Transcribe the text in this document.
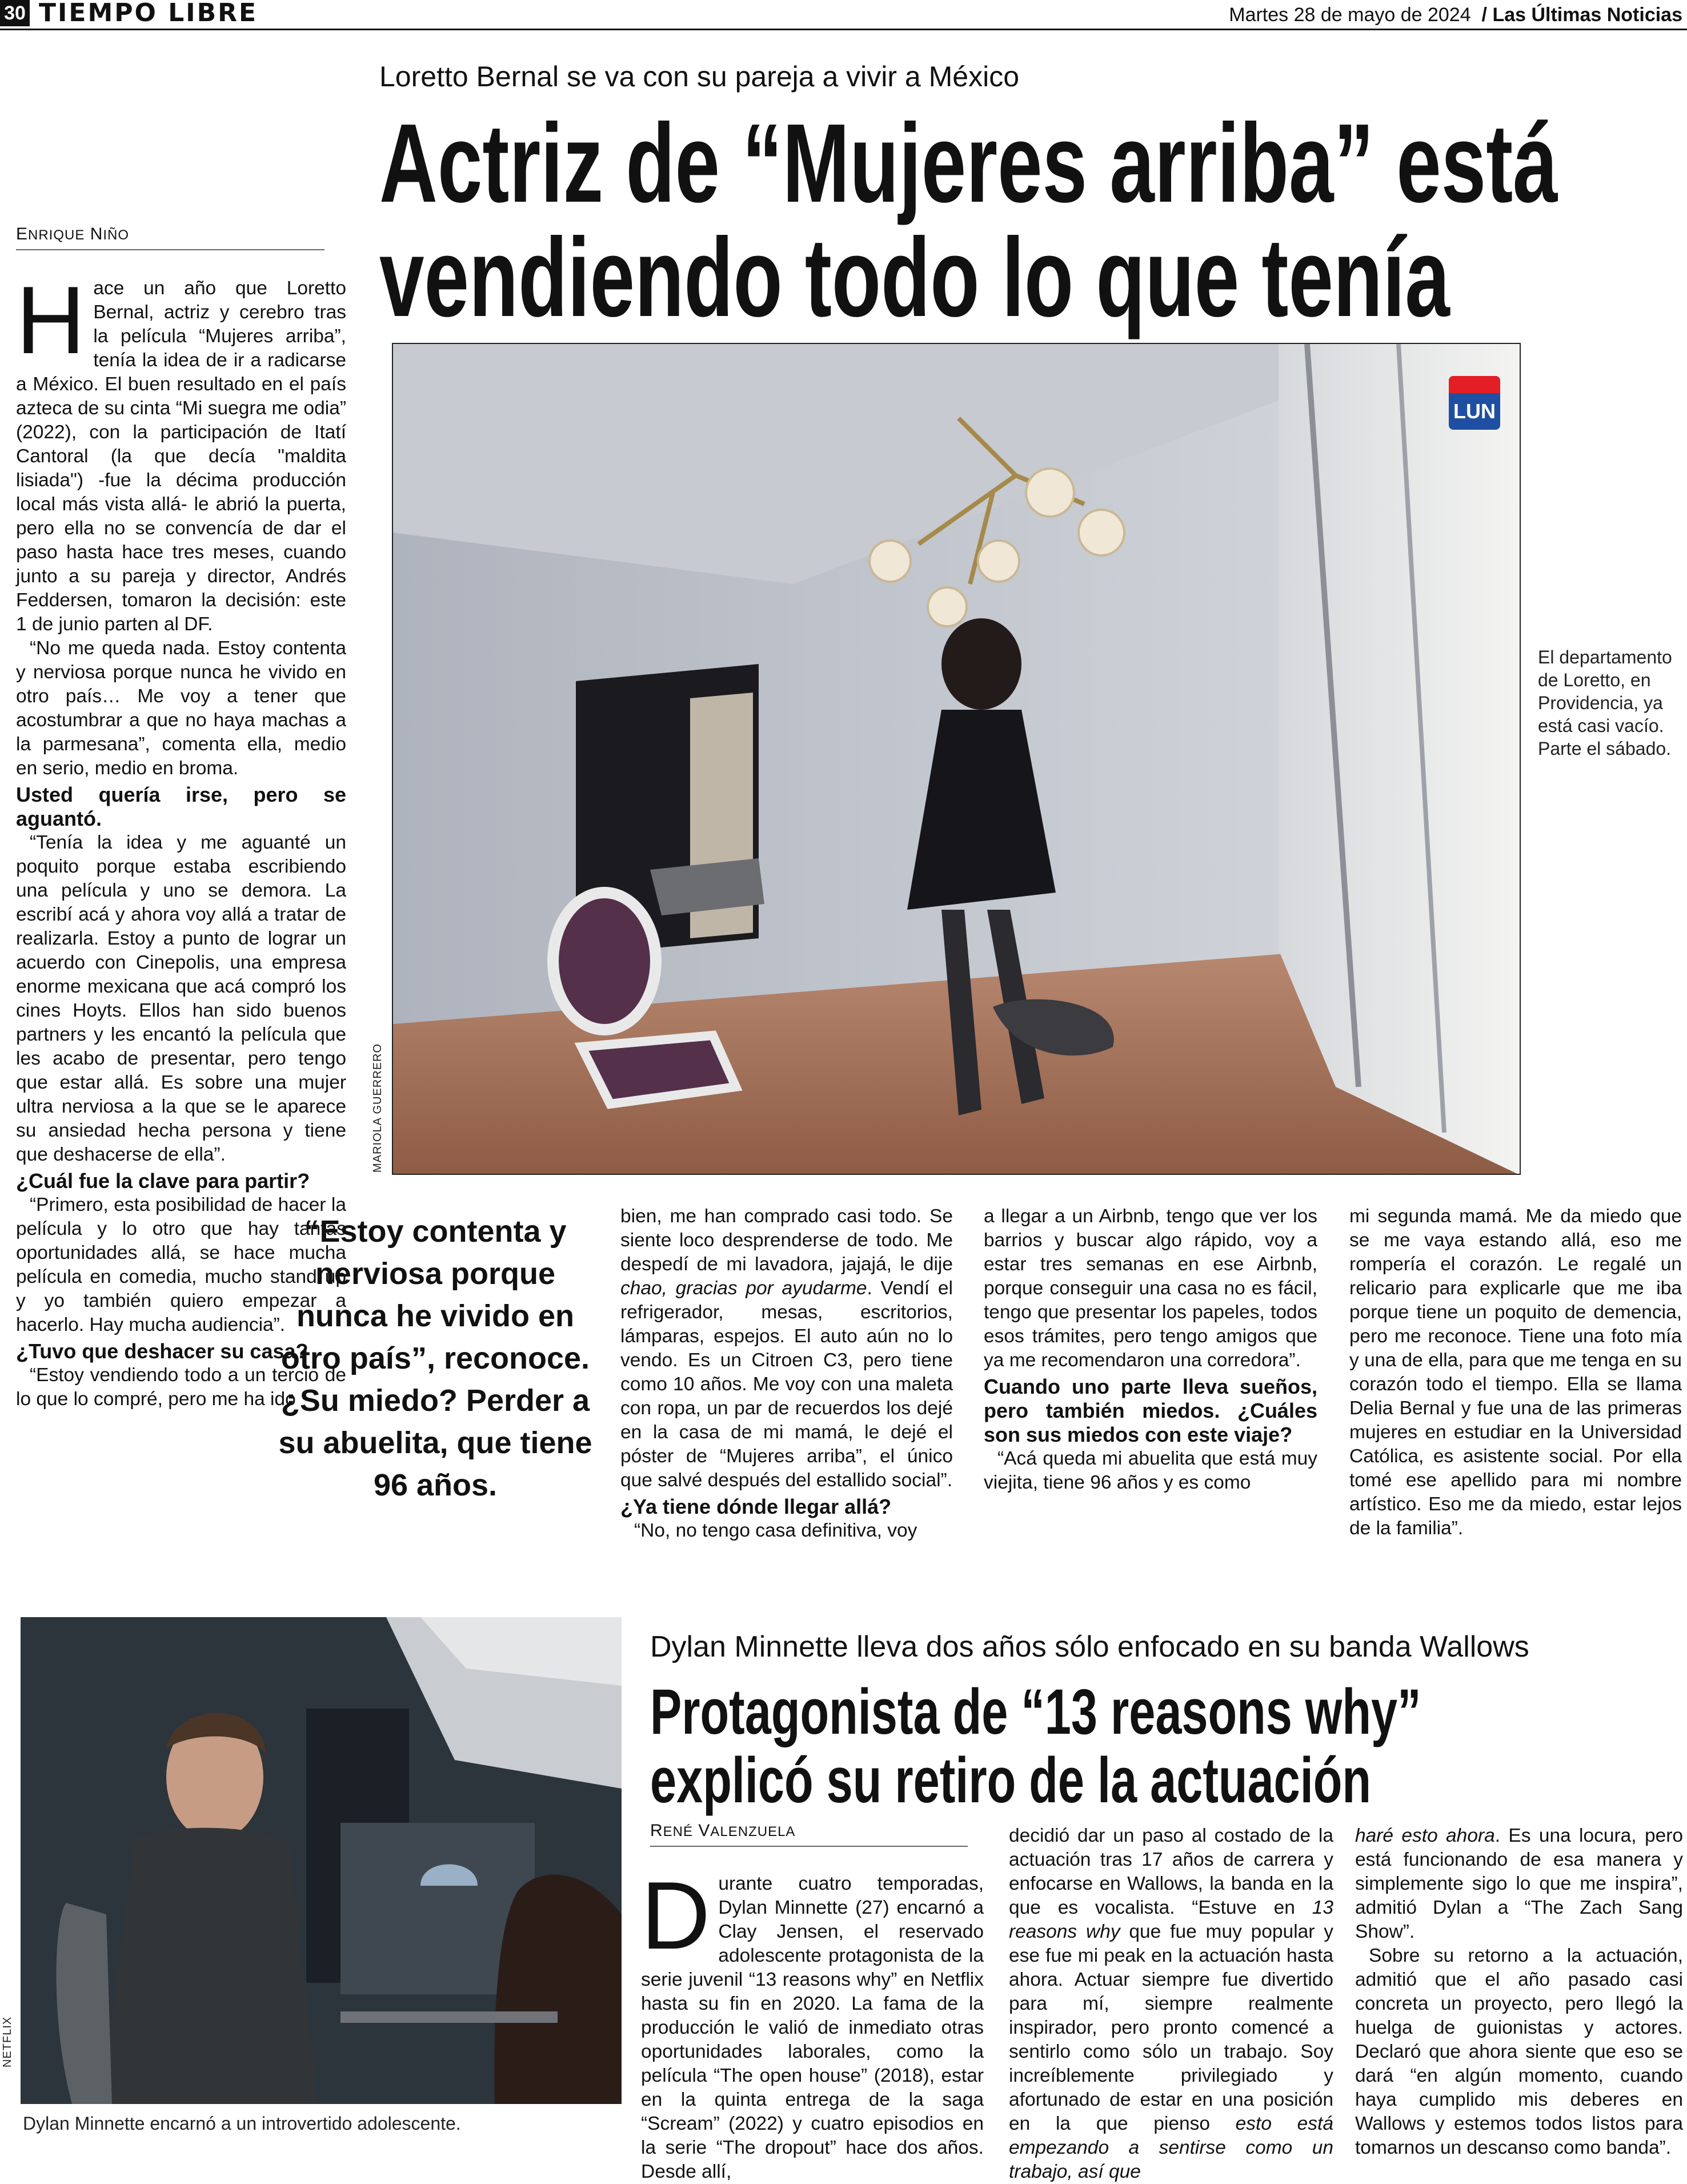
30 TIEMPO LIBRE	Martes 28 de mayo de 2024 / Las Últimas Noticias
Loretto Bernal se va con su pareja a vivir a México
Actriz de “Mujeres arriba” está
vendiendo todo lo que tenía
ENRIQUE NIÑO

Hace un año que Loretto Bernal, actriz y cerebro tras la película “Mujeres arriba”, tenía la idea de ir a radicarse a México. El buen resultado en el país azteca de su cinta “Mi suegra me odia” (2022), con la participación de Itatí Cantoral (la que decía "maldita lisiada") -fue la décima producción local más vista allá- le abrió la puerta, pero ella no se convencía de dar el paso hasta hace tres meses, cuando junto a su pareja y director, Andrés Feddersen, tomaron la decisión: este 1 de junio parten al DF.

“No me queda nada. Estoy contenta y nerviosa porque nunca he vivido en otro país… Me voy a tener que acostumbrar a que no haya machas a la parmesana”, comenta ella, medio en serio, medio en broma.

Usted quería irse, pero se aguantó.

“Tenía la idea y me aguanté un poquito porque estaba escribiendo una película y uno se demora. La escribí acá y ahora voy allá a tratar de realizarla. Estoy a punto de lograr un acuerdo con Cinepolis, una empresa enorme mexicana que acá compró los cines Hoyts. Ellos han sido buenos partners y les encantó la película que les acabo de presentar, pero tengo que estar allá. Es sobre una mujer ultra nerviosa a la que se le aparece su ansiedad hecha persona y tiene que deshacerse de ella”.

¿Cuál fue la clave para partir?

“Primero, esta posibilidad de hacer la película y lo otro que hay tantas oportunidades allá, se hace mucha película en comedia, mucho stand up y yo también quiero empezar a hacerlo. Hay mucha audiencia”.

¿Tuvo que deshacer su casa?

“Estoy vendiendo todo a un tercio de lo que lo compré, pero me ha ido

LUN
MARIOLA GUERRERO
El departamento de Loretto, en Providencia, ya está casi vacío. Parte el sábado.
“Estoy contenta y nerviosa porque nunca he vivido en otro país”, reconoce. ¿Su miedo? Perder a su abuelita, que tiene 96 años.

bien, me han comprado casi todo. Se siente loco desprenderse de todo. Me despedí de mi lavadora, jajajá, le dije chao, gracias por ayudarme. Vendí el refrigerador, mesas, escritorios, lámparas, espejos. El auto aún no lo vendo. Es un Citroen C3, pero tiene como 10 años. Me voy con una maleta con ropa, un par de recuerdos los dejé en la casa de mi mamá, le dejé el póster de “Mujeres arriba”, el único que salvé después del estallido social”.

¿Ya tiene dónde llegar allá?

“No, no tengo casa definitiva, voy

a llegar a un Airbnb, tengo que ver los barrios y buscar algo rápido, voy a estar tres semanas en ese Airbnb, porque conseguir una casa no es fácil, tengo que presentar los papeles, todos esos trámites, pero tengo amigos que ya me recomendaron una corredora”.

Cuando uno parte lleva sueños, pero también miedos. ¿Cuáles son sus miedos con este viaje?

“Acá queda mi abuelita que está muy viejita, tiene 96 años y es como

mi segunda mamá. Me da miedo que se me vaya estando allá, eso me rompería el corazón. Le regalé un relicario para explicarle que me iba porque tiene un poquito de demencia, pero me reconoce. Tiene una foto mía y una de ella, para que me tenga en su corazón todo el tiempo. Ella se llama Delia Bernal y fue una de las primeras mujeres en estudiar en la Universidad Católica, es asistente social. Por ella tomé ese apellido para mi nombre artístico. Eso me da miedo, estar lejos de la familia”.

NETFLIX
Dylan Minnette encarnó a un introvertido adolescente.
Dylan Minnette lleva dos años sólo enfocado en su banda Wallows
Protagonista de “13 reasons why”
explicó su retiro de la actuación
RENÉ VALENZUELA

Durante cuatro temporadas, Dylan Minnette (27) encarnó a Clay Jensen, el reservado adolescente protagonista de la serie juvenil “13 reasons why” en Netflix hasta su fin en 2020. La fama de la producción le valió de inmediato otras oportunidades laborales, como la película “The open house” (2018), estar en la quinta entrega de la saga “Scream” (2022) y cuatro episodios en la serie “The dropout” hace dos años. Desde allí,

decidió dar un paso al costado de la actuación tras 17 años de carrera y enfocarse en Wallows, la banda en la que es vocalista. “Estuve en 13 reasons why que fue muy popular y ese fue mi peak en la actuación hasta ahora. Actuar siempre fue divertido para mí, siempre realmente inspirador, pero pronto comencé a sentirlo como sólo un trabajo. Soy increíblemente privilegiado y afortunado de estar en una posición en la que pienso esto está empezando a sentirse como un trabajo, así que

haré esto ahora. Es una locura, pero está funcionando de esa manera y simplemente sigo lo que me inspira”, admitió Dylan a “The Zach Sang Show”.

Sobre su retorno a la actuación, admitió que el año pasado casi concreta un proyecto, pero llegó la huelga de guionistas y actores. Declaró que ahora siente que eso se dará “en algún momento, cuando haya cumplido mis deberes en Wallows y estemos todos listos para tomarnos un descanso como banda”.
